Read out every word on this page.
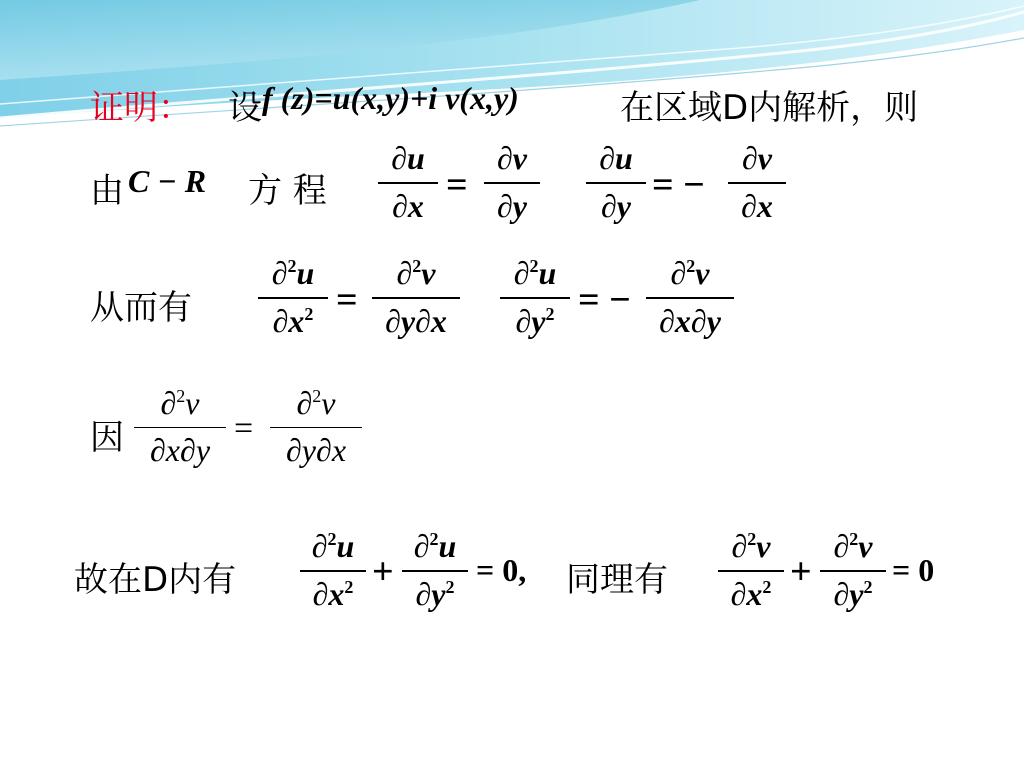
证明： 设 f (z)=u(x,y)+i v(x,y)	在区域D内解析，则
由 C − R 方 程
∂u
∂x =
∂v
∂y
∂u
∂y = −
∂v
∂x
从而有
∂$^2$u
$\partial x^2$ =
∂$^2$v
∂y∂x
∂$^2$u
$\partial y^2$ = −
∂$^2$v
∂x∂y
因
∂$^2$v
∂x∂y
=
∂$^2$v
∂y∂x
故在D内有
∂$^2$u
$\partial x^2$ +
∂$^2$u
$\partial y^2 = 0$, 同理有
∂$^2$v
$\partial x^2$ +
∂$^2$v
$\partial y^2 = 0$
